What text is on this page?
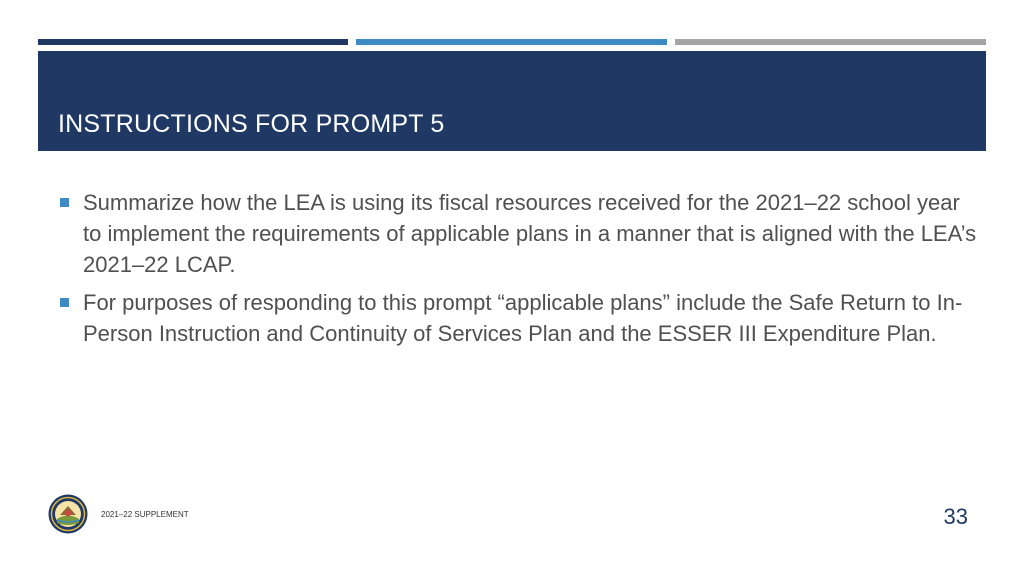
INSTRUCTIONS FOR PROMPT 5
Summarize how the LEA is using its fiscal resources received for the 2021–22 school year to implement the requirements of applicable plans in a manner that is aligned with the LEA’s 2021–22 LCAP.
For purposes of responding to this prompt “applicable plans” include the Safe Return to In-Person Instruction and Continuity of Services Plan and the ESSER III Expenditure Plan.
2021–22 SUPPLEMENT	33
